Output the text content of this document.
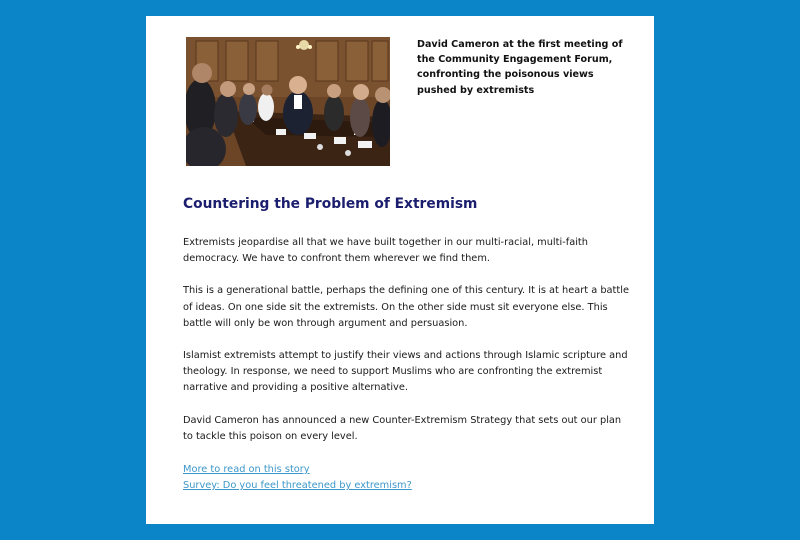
David Cameron at the first meeting of the Community Engagement Forum, confronting the poisonous views pushed by extremists
Countering the Problem of Extremism

Extremists jeopardise all that we have built together in our multi-racial, multi-faith democracy. We have to confront them wherever we find them.

This is a generational battle, perhaps the defining one of this century. It is at heart a battle of ideas. On one side sit the extremists. On the other side must sit everyone else. This battle will only be won through argument and persuasion.

Islamist extremists attempt to justify their views and actions through Islamic scripture and theology. In response, we need to support Muslims who are confronting the extremist narrative and providing a positive alternative.

David Cameron has announced a new Counter-Extremism Strategy that sets out our plan to tackle this poison on every level.

More to read on this story
Survey: Do you feel threatened by extremism?
